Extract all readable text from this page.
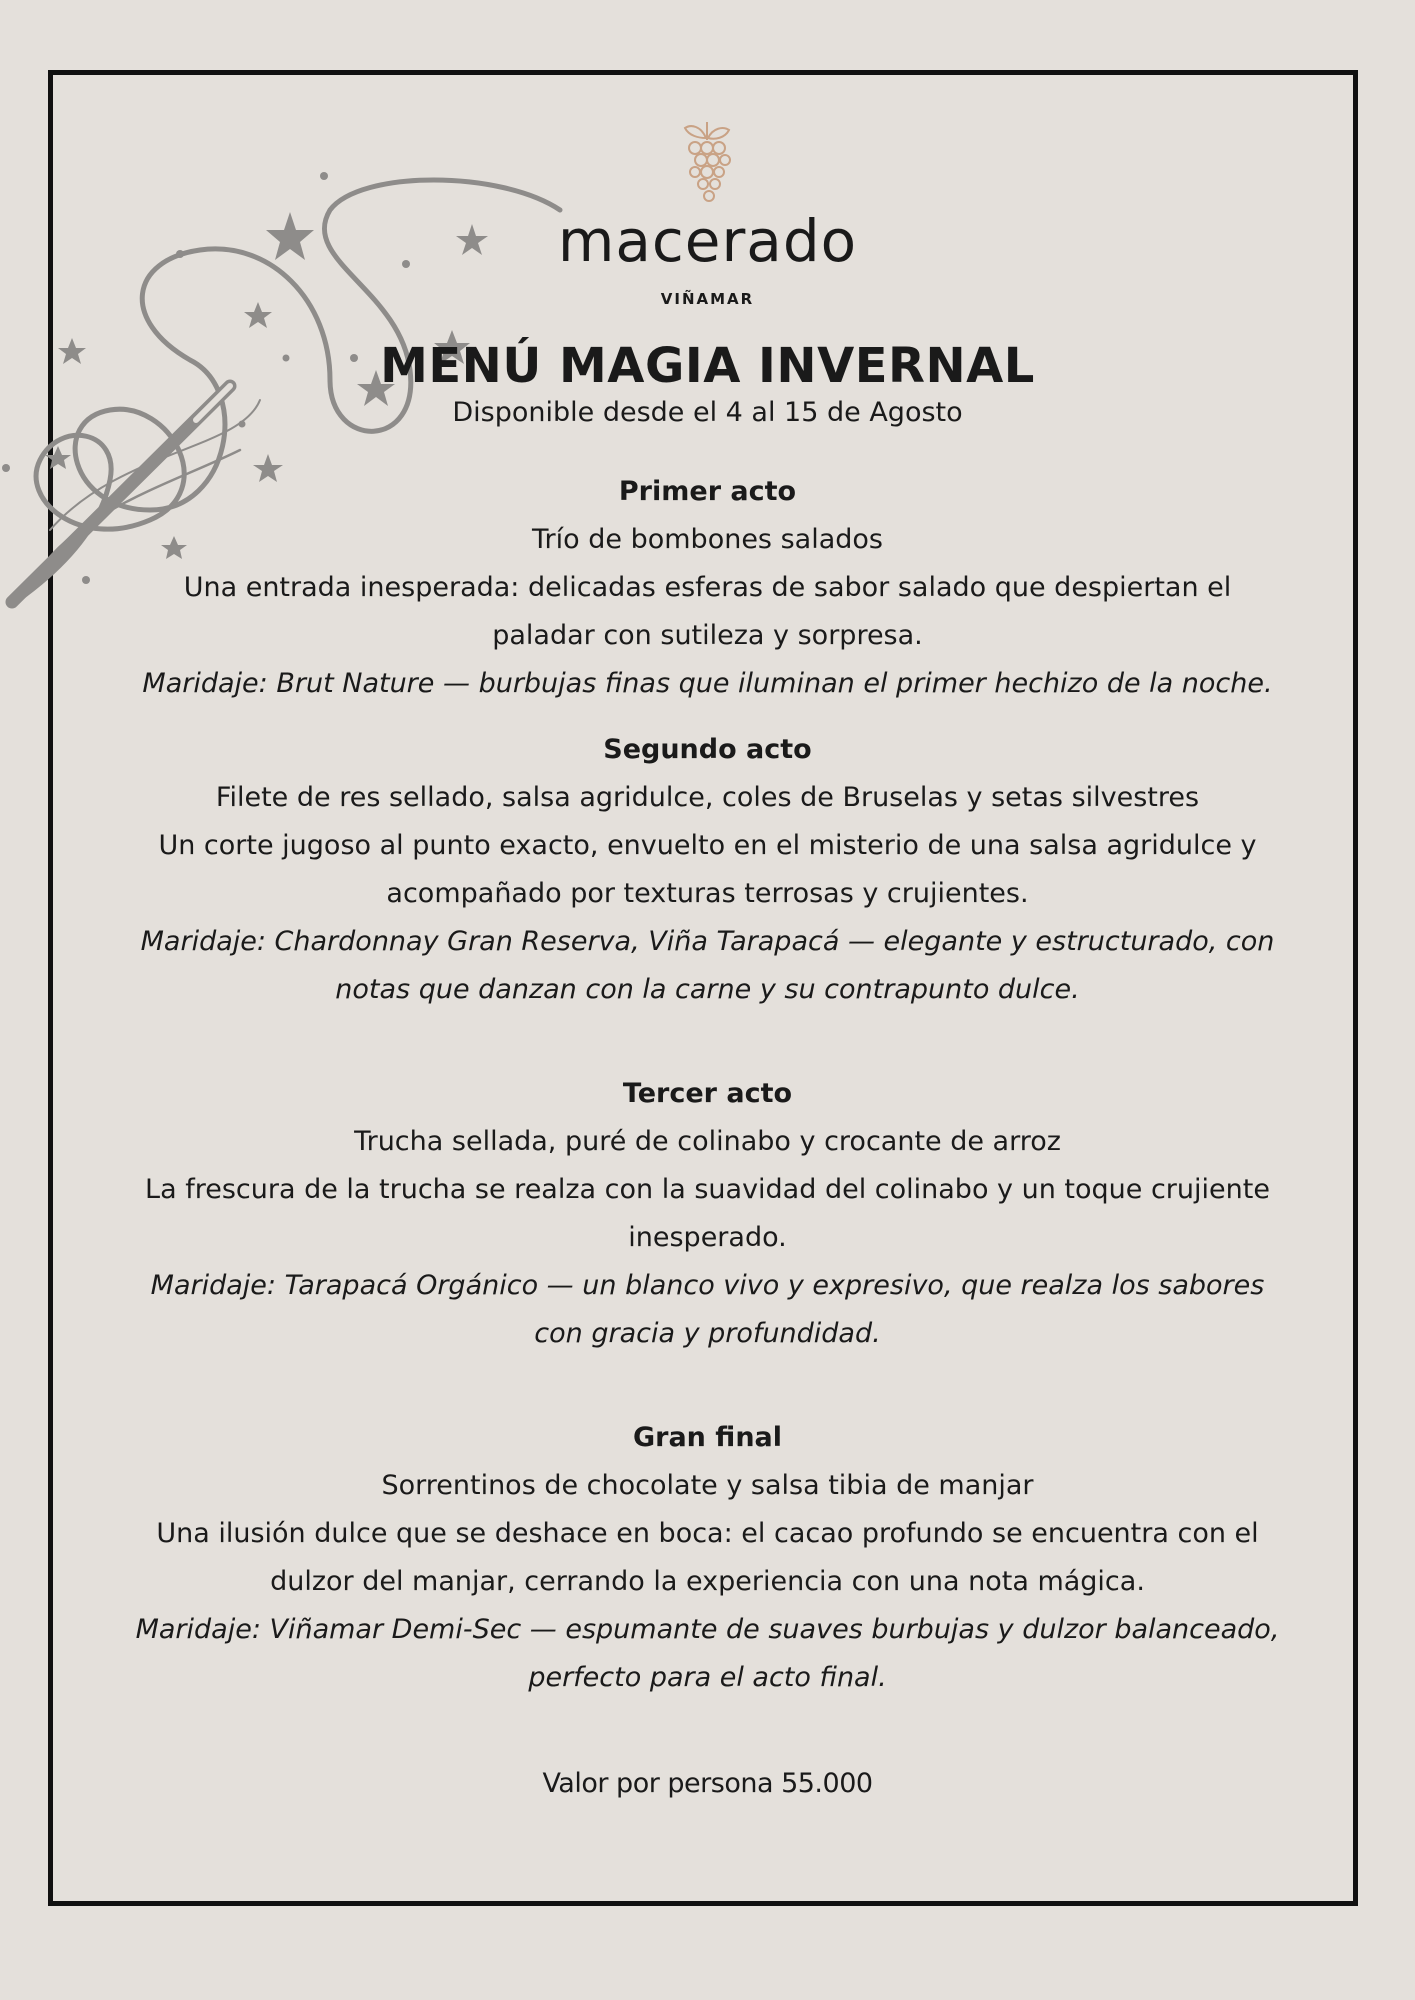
macerado
VIÑAMAR
MENÚ MAGIA INVERNAL
Disponible desde el 4 al 15 de Agosto
Primer acto
Trío de bombones salados
Una entrada inesperada: delicadas esferas de sabor salado que despiertan el paladar con sutileza y sorpresa.
Maridaje: Brut Nature — burbujas finas que iluminan el primer hechizo de la noche.
Segundo acto
Filete de res sellado, salsa agridulce, coles de Bruselas y setas silvestres
Un corte jugoso al punto exacto, envuelto en el misterio de una salsa agridulce y acompañado por texturas terrosas y crujientes.
Maridaje: Chardonnay Gran Reserva, Viña Tarapacá — elegante y estructurado, con notas que danzan con la carne y su contrapunto dulce.
Tercer acto
Trucha sellada, puré de colinabo y crocante de arroz
La frescura de la trucha se realza con la suavidad del colinabo y un toque crujiente inesperado.
Maridaje: Tarapacá Orgánico — un blanco vivo y expresivo, que realza los sabores con gracia y profundidad.
Gran final
Sorrentinos de chocolate y salsa tibia de manjar
Una ilusión dulce que se deshace en boca: el cacao profundo se encuentra con el dulzor del manjar, cerrando la experiencia con una nota mágica.
Maridaje: Viñamar Demi-Sec — espumante de suaves burbujas y dulzor balanceado, perfecto para el acto final.
Valor por persona 55.000
